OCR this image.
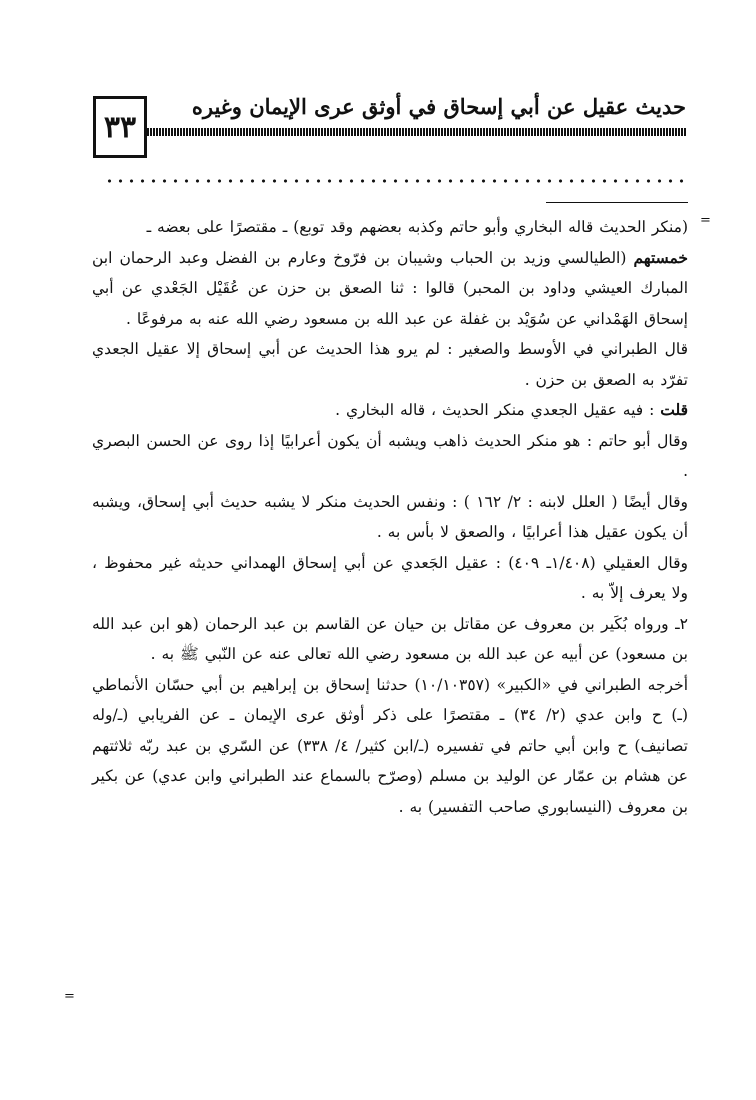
٣٣
حديث عقيل عن أبي إسحاق في أوثق عرى الإيمان وغيره
=
=

(منكر الحديث قاله البخاري وأبو حاتم وكذبه بعضهم وقد توبع) ـ مقتصرًا على بعضه ـ

خمستهم (الطيالسي وزيد بن الحباب وشيبان بن فرّوخ وعارم بن الفضل وعبد الرحمان ابن المبارك العيشي وداود بن المحبر) قالوا : ثنا الصعق بن حزن عن عُقَيْل الجَعْدي عن أبي إسحاق الهَمْداني عن سُوَيْد بن غفلة عن عبد الله بن مسعود رضي الله عنه به مرفوعًا .

قال الطبراني في الأوسط والصغير : لم يرو هذا الحديث عن أبي إسحاق إلا عقيل الجعدي تفرّد به الصعق بن حزن .

قلت : فيه عقيل الجعدي منكر الحديث ، قاله البخاري .

وقال أبو حاتم : هو منكر الحديث ذاهب ويشبه أن يكون أعرابيًا إذا روى عن الحسن البصري .

وقال أيضًا ( العلل لابنه : ٢/ ١٦٢ ) : ونفس الحديث منكر لا يشبه حديث أبي إسحاق، ويشبه أن يكون عقيل هذا أعرابيًا ، والصعق لا بأس به .

وقال العقيلي (١/٤٠٨ـ ٤٠٩) : عقيل الجَعدي عن أبي إسحاق الهمداني حديثه غير محفوظ ، ولا يعرف إلاّ به .

٢ـ ورواه بُكَير بن معروف عن مقاتل بن حيان عن القاسم بن عبد الرحمان (هو ابن عبد الله بن مسعود) عن أبيه عن عبد الله بن مسعود رضي الله تعالى عنه عن النّبي ﷺ به .

أخرجه الطبراني في «الكبير» (١٠/١٠٣٥٧) حدثنا إسحاق بن إبراهيم بن أبي حسّان الأنماطي (ـ) ح وابن عدي (٢/ ٣٤) ـ مقتصرًا على ذكر أوثق عرى الإيمان ـ عن الفريابي (ـ/وله تصانيف) ح وابن أبي حاتم في تفسيره (ـ/ابن كثير/ ٤/ ٣٣٨) عن السّري بن عبد ربّه ثلاثتهم عن هشام بن عمّار عن الوليد بن مسلم (وصرّح بالسماع عند الطبراني وابن عدي) عن بكير بن معروف (النيسابوري صاحب التفسير) به .
